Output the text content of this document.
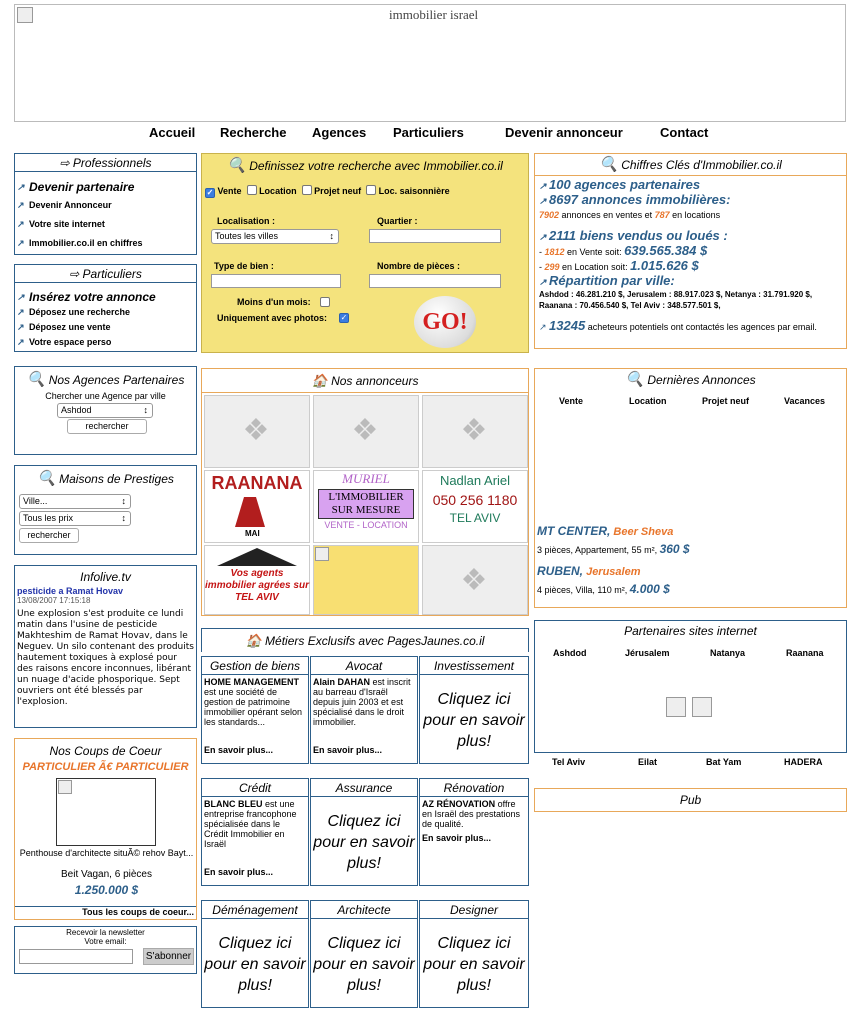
immobilier israel
Accueil Recherche Agences Particuliers	Devenir annonceur	Contact
⇨ Professionnels
↗ Devenir partenaire
↗ Devenir Annonceur
↗ Votre site internet
↗ Immobilier.co.il en chiffres
⇨ Particuliers
↗ Insérez votre annonce
↗ Déposez une recherche
↗ Déposez une vente
↗ Votre espace perso
🔍 Nos Agences Partenaires
Chercher une Agence par ville
Ashdod	↕
rechercher
🔍 Maisons de Prestiges
Ville...	↕
Tous les prix	↕
rechercher
Infolive.tv
pesticide a Ramat Hovav
13/08/2007 17:15:18
Une explosion s'est produite ce lundi matin dans l'usine de pesticide Makhteshim de Ramat Hovav, dans le Neguev. Un silo contenant des produits hautement toxiques à explosé pour des raisons encore inconnues, libérant un nuage d'acide phosporique. Sept ouvriers ont été blessés par l'explosion.
Nos Coups de Coeur
PARTICULIER Ã€ PARTICULIER
Penthouse d'architecte situÃ© rehov Bayt...
Beit Vagan, 6 pièces
1.250.000 $
Tous les coups de coeur...
Recevoir la newsletter
Votre email:
S'abonner
🔍 Definissez votre recherche avec Immobilier.co.il
✓ Vente Location Projet neuf Loc. saisonnière
Localisation :
Toutes les villes	↕
Quartier :
Type de bien :	Nombre de pièces :
Moins d'un mois:
Uniquement avec photos: ✓	GO!
🏠 Nos annonceurs
❖	❖	❖
RAANANA
MAI
MURIEL
L'IMMOBILIER
SUR MESURE
VENTE - LOCATION
Nadlan Ariel
050 256 1180
TEL AVIV
Vos agents immobilier agrées sur TEL AVIV
❖
🏠 Métiers Exclusifs avec PagesJaunes.co.il
Gestion de biens
HOME MANAGEMENT est une société de gestion de patrimoine immobilier opérant selon les standards...
En savoir plus...
Avocat
Alain DAHAN est inscrit au barreau d'Israël depuis juin 2003 et est spécialisé dans le droit immobilier.
En savoir plus...
Investissement
Cliquez ici pour en savoir plus!
Crédit
BLANC BLEU est une entreprise francophone spécialisée dans le Crédit Immobilier en Israël
En savoir plus...
Assurance
Cliquez ici pour en savoir plus!
Rénovation
AZ RÉNOVATION offre en Israël des prestations de qualité.
En savoir plus...
Déménagement
Cliquez ici pour en savoir plus!
Architecte
Cliquez ici pour en savoir plus!
Designer
Cliquez ici pour en savoir plus!
🔍 Chiffres Clés d'Immobilier.co.il
↗ 100 agences partenaires
↗ 8697 annonces immobilières:
7902 annonces en ventes et 787 en locations
↗ 2111 biens vendus ou loués :
- 1812 en Vente soit: 639.565.384 $
- 299 en Location soit: 1.015.626 $
↗ Répartition par ville:
Ashdod : 46.281.210 $, Jerusalem : 88.917.023 $, Netanya : 31.791.920 $, Raanana : 70.456.540 $, Tel Aviv : 348.577.501 $,
↗ 13245 acheteurs potentiels ont contactés les agences par email.
🔍 Dernières Annonces
Vente	Location	Projet neuf	Vacances
MT CENTER, Beer Sheva
3 pièces, Appartement, 55 m², 360 $
RUBEN, Jerusalem
4 pièces, Villa, 110 m², 4.000 $
Partenaires sites internet
Ashdod	Jérusalem	Natanya	Raanana
Tel Aviv	Eilat	Bat Yam	HADERA
Pub
